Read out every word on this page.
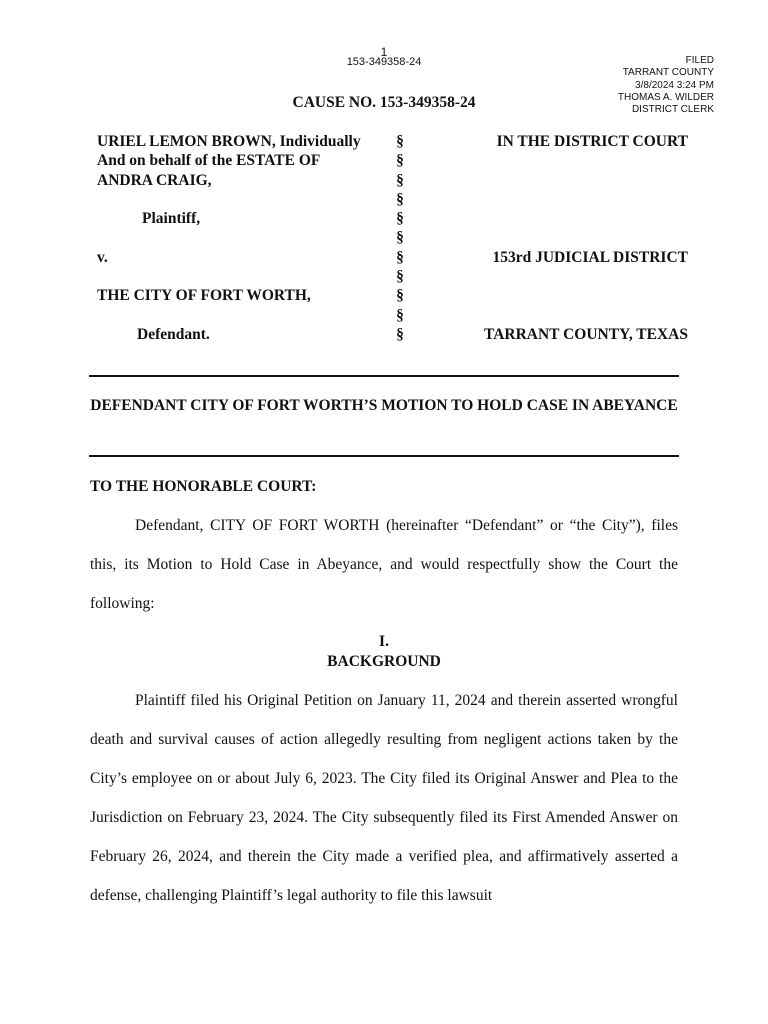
1
153-349358-24	FILED
TARRANT COUNTY
3/8/2024 3:24 PM
THOMAS A. WILDER
DISTRICT CLERK
CAUSE NO. 153-349358-24
URIEL LEMON BROWN, Individually
And on behalf of the ESTATE OF
ANDRA CRAIG,
Plaintiff,
v.
THE CITY OF FORT WORTH,
Defendant.
§
§
§
§
§
§
§
§
§
§
§
IN THE DISTRICT COURT
153rd JUDICIAL DISTRICT
TARRANT COUNTY, TEXAS
DEFENDANT CITY OF FORT WORTH’S MOTION TO HOLD CASE IN ABEYANCE
TO THE HONORABLE COURT:
Defendant, CITY OF FORT WORTH (hereinafter “Defendant” or “the City”), files this, its Motion to Hold Case in Abeyance, and would respectfully show the Court the following:
I.
BACKGROUND
Plaintiff filed his Original Petition on January 11, 2024 and therein asserted wrongful death and survival causes of action allegedly resulting from negligent actions taken by the City’s employee on or about July 6, 2023. The City filed its Original Answer and Plea to the Jurisdiction on February 23, 2024. The City subsequently filed its First Amended Answer on February 26, 2024, and therein the City made a verified plea, and affirmatively asserted a defense, challenging Plaintiff’s legal authority to file this lawsuit
